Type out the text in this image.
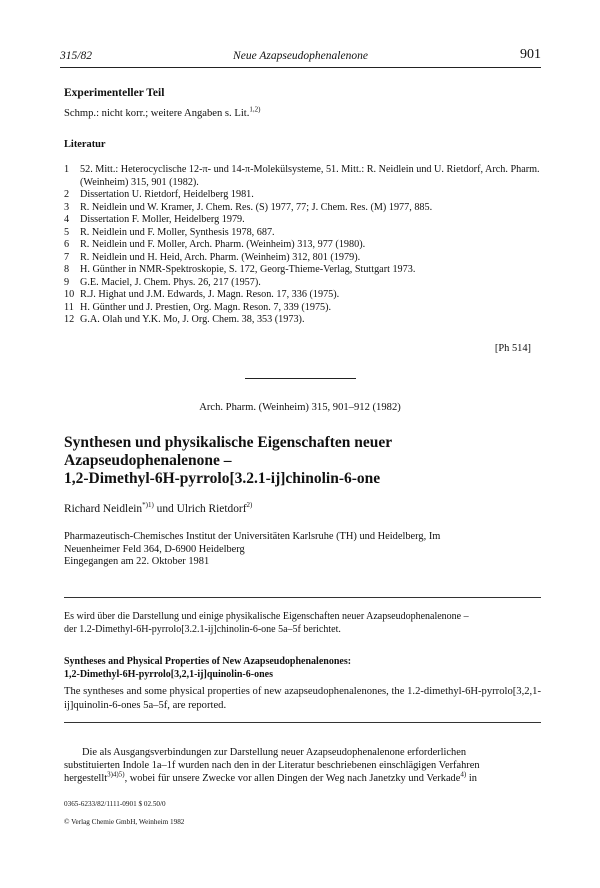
315/82	Neue Azapseudophenalenone	901
Experimenteller Teil
Schmp.: nicht korr.; weitere Angaben s. Lit.$^{1,2)}$
Literatur
1 52. Mitt.: Heterocyclische 12-π- und 14-π-Molekülsysteme, 51. Mitt.: R. Neidlein und U. Rietdorf, Arch. Pharm. (Weinheim) 315, 901 (1982).
2 Dissertation U. Rietdorf, Heidelberg 1981.
3 R. Neidlein und W. Kramer, J. Chem. Res. (S) 1977, 77; J. Chem. Res. (M) 1977, 885.
4 Dissertation F. Moller, Heidelberg 1979.
5 R. Neidlein und F. Moller, Synthesis 1978, 687.
6 R. Neidlein und F. Moller, Arch. Pharm. (Weinheim) 313, 977 (1980).
7 R. Neidlein und H. Heid, Arch. Pharm. (Weinheim) 312, 801 (1979).
8 H. Günther in NMR-Spektroskopie, S. 172, Georg-Thieme-Verlag, Stuttgart 1973.
9 G.E. Maciel, J. Chem. Phys. 26, 217 (1957).
10 R.J. Highat und J.M. Edwards, J. Magn. Reson. 17, 336 (1975).
11 H. Günther und J. Prestien, Org. Magn. Reson. 7, 339 (1975).
12 G.A. Olah und Y.K. Mo, J. Org. Chem. 38, 353 (1973).
[Ph 514]
Arch. Pharm. (Weinheim) 315, 901–912 (1982)
Synthesen und physikalische Eigenschaften neuer
Azapseudophenalenone –
1,2-Dimethyl-6H-pyrrolo[3.2.1-ij]chinolin-6-one
Richard Neidlein$^{*)1)}$ und Ulrich Rietdorf$^{2)}$
Pharmazeutisch-Chemisches Institut der Universitäten Karlsruhe (TH) und Heidelberg, Im
Neuenheimer Feld 364, D-6900 Heidelberg
Eingegangen am 22. Oktober 1981
Es wird über die Darstellung und einige physikalische Eigenschaften neuer Azapseudophenalenone –
der 1.2-Dimethyl-6H-pyrrolo[3.2.1-ij]chinolin-6-one 5a–5f berichtet.
Syntheses and Physical Properties of New Azapseudophenalenones:
1,2-Dimethyl-6H-pyrrolo[3,2,1-ij]quinolin-6-ones
The syntheses and some physical properties of new azapseudophenalenones, the 1.2-dimethyl-6H-pyrrolo[3,2,1-ij]quinolin-6-ones 5a–5f, are reported.
Die als Ausgangsverbindungen zur Darstellung neuer Azapseudophenalenone erforderlichen
substituierten Indole 1a–1f wurden nach den in der Literatur beschriebenen einschlägigen Verfahren
hergestellt$^{3)4)5)}$, wobei für unsere Zwecke vor allen Dingen der Weg nach Janetzky und Verkade$^{4)}$ in
0365-6233/82/1111-0901 $ 02.50/0
© Verlag Chemie GmbH, Weinheim 1982
